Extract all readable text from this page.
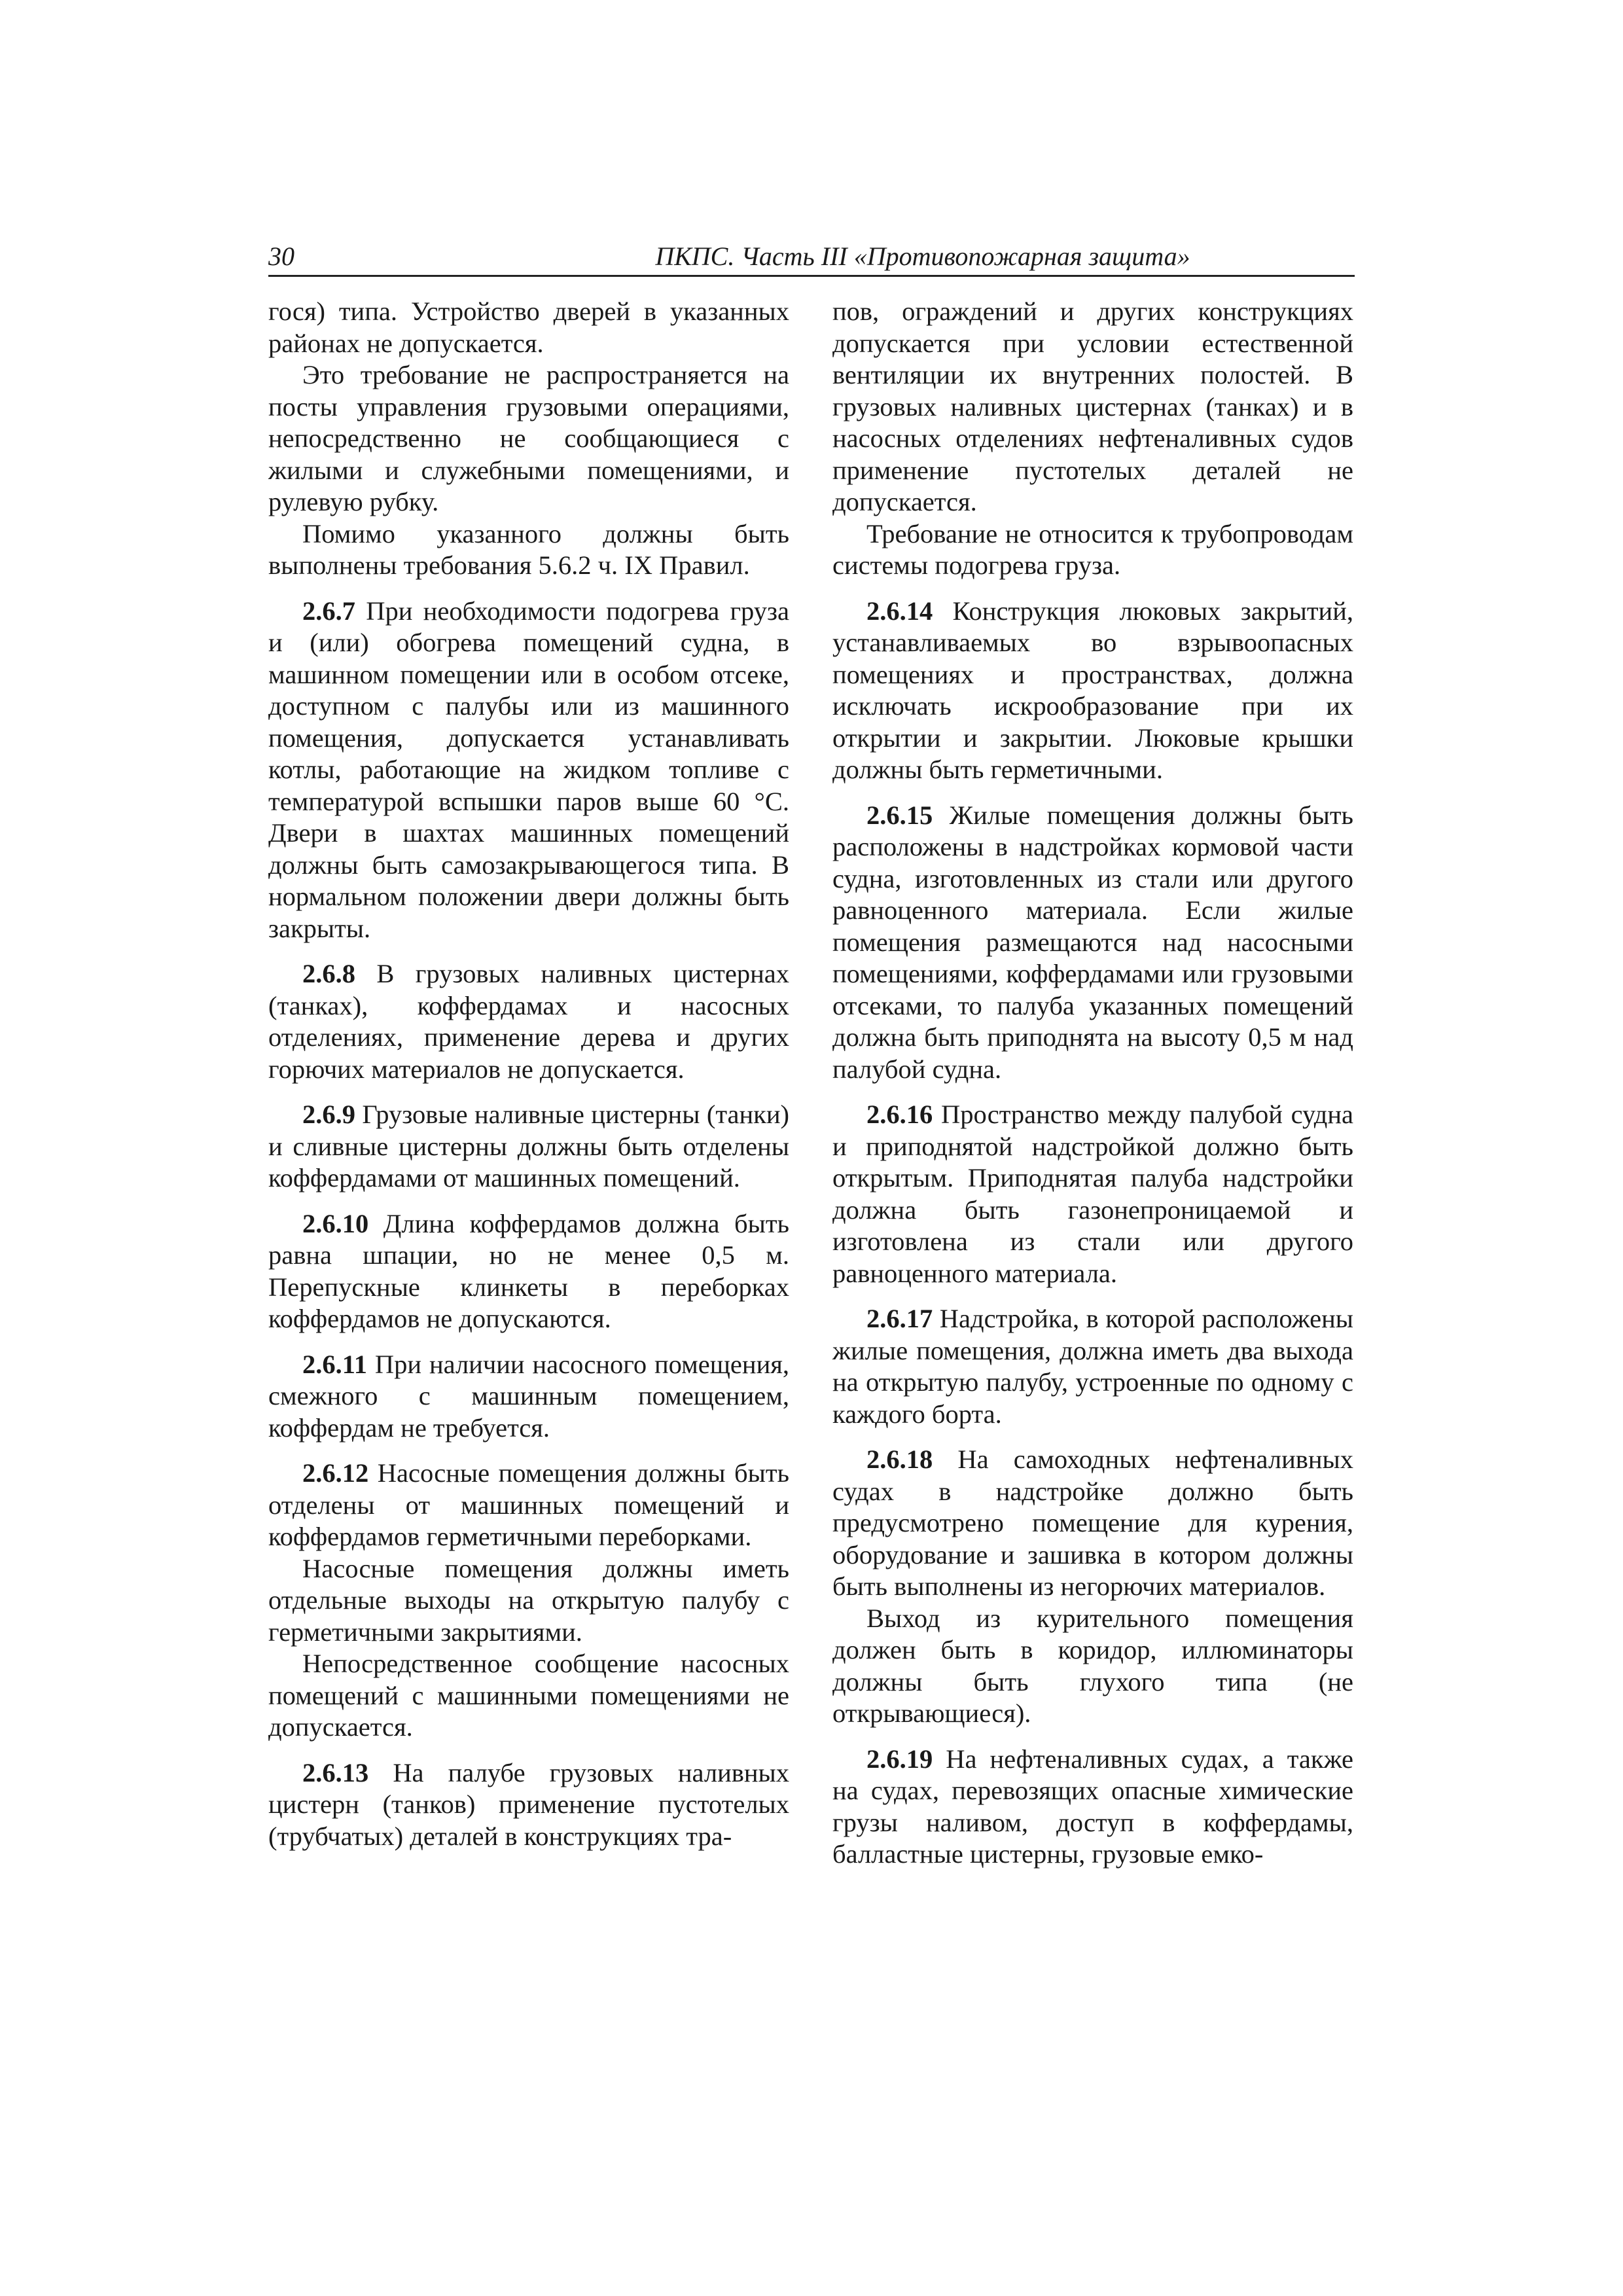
30	ПКПС. Часть III «Противопожарная защита»

гося) типа. Устройство дверей в указанных районах не допускается.

Это требование не распространяется на посты управления грузовыми операциями, непосредственно не сообщающиеся с жилыми и служебными помещениями, и рулевую рубку.

Помимо указанного должны быть выполнены требования 5.6.2 ч. IX Правил.

2.6.7 При необходимости подогрева груза и (или) обогрева помещений судна, в машинном помещении или в особом отсеке, доступном с палубы или из машинного помещения, допускается устанавливать котлы, работающие на жидком топливе с температурой вспышки паров выше 60 °С. Двери в шахтах машинных помещений должны быть самозакрывающегося типа. В нормальном положении двери должны быть закрыты.

2.6.8 В грузовых наливных цистернах (танках), коффердамах и насосных отделениях, применение дерева и других горючих материалов не допускается.

2.6.9 Грузовые наливные цистерны (танки) и сливные цистерны должны быть отделены коффердамами от машинных помещений.

2.6.10 Длина коффердамов должна быть равна шпации, но не менее 0,5 м. Перепускные клинкеты в переборках коффердамов не допускаются.

2.6.11 При наличии насосного помещения, смежного с машинным помещением, коффердам не требуется.

2.6.12 Насосные помещения должны быть отделены от машинных помещений и коффердамов герметичными переборками.

Насосные помещения должны иметь отдельные выходы на открытую палубу с герметичными закрытиями.

Непосредственное сообщение насосных помещений с машинными помещениями не допускается.

2.6.13 На палубе грузовых наливных цистерн (танков) применение пустотелых (трубчатых) деталей в конструкциях тра-

пов, ограждений и других конструкциях допускается при условии естественной вентиляции их внутренних полостей. В грузовых наливных цистернах (танках) и в насосных отделениях нефтеналивных судов применение пустотелых деталей не допускается.

Требование не относится к трубопроводам системы подогрева груза.

2.6.14 Конструкция люковых закрытий, устанавливаемых во взрывоопасных помещениях и пространствах, должна исключать искрообразование при их открытии и закрытии. Люковые крышки должны быть герметичными.

2.6.15 Жилые помещения должны быть расположены в надстройках кормовой части судна, изготовленных из стали или другого равноценного материала. Если жилые помещения размещаются над насосными помещениями, коффердамами или грузовыми отсеками, то палуба указанных помещений должна быть приподнята на высоту 0,5 м над палубой судна.

2.6.16 Пространство между палубой судна и приподнятой надстройкой должно быть открытым. Приподнятая палуба надстройки должна быть газонепроницаемой и изготовлена из стали или другого равноценного материала.

2.6.17 Надстройка, в которой расположены жилые помещения, должна иметь два выхода на открытую палубу, устроенные по одному с каждого борта.

2.6.18 На самоходных нефтеналивных судах в надстройке должно быть предусмотрено помещение для курения, оборудование и зашивка в котором должны быть выполнены из негорючих материалов.

Выход из курительного помещения должен быть в коридор, иллюминаторы должны быть глухого типа (не открывающиеся).

2.6.19 На нефтеналивных судах, а также на судах, перевозящих опасные химические грузы наливом, доступ в коффердамы, балластные цистерны, грузовые емко-
